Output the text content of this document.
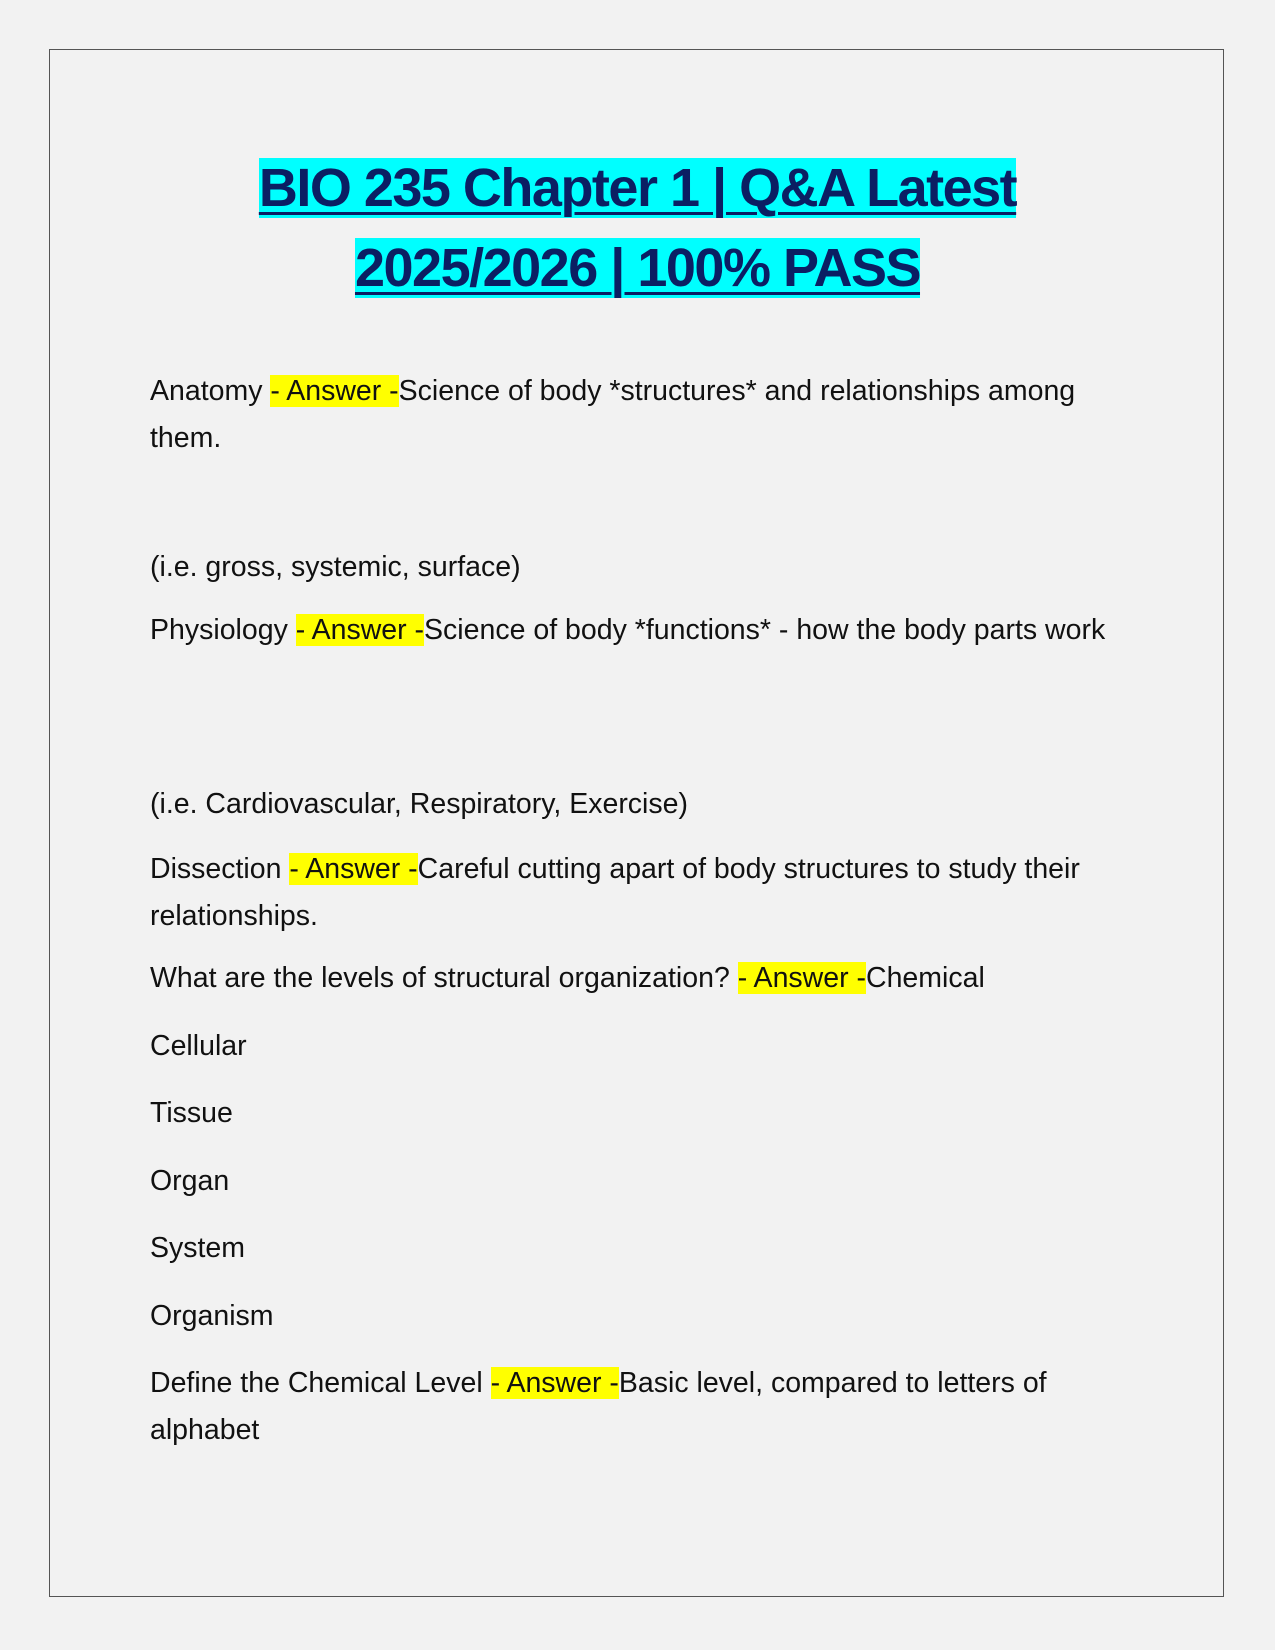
BIO 235 Chapter 1 | Q&A Latest
2025/2026 | 100% PASS

Anatomy - Answer -Science of body *structures* and relationships among them.

(i.e. gross, systemic, surface)

Physiology - Answer -Science of body *functions* - how the body parts work

(i.e. Cardiovascular, Respiratory, Exercise)

Dissection - Answer -Careful cutting apart of body structures to study their relationships.

What are the levels of structural organization? - Answer -Chemical

Cellular

Tissue

Organ

System

Organism

Define the Chemical Level - Answer -Basic level, compared to letters of alphabet
